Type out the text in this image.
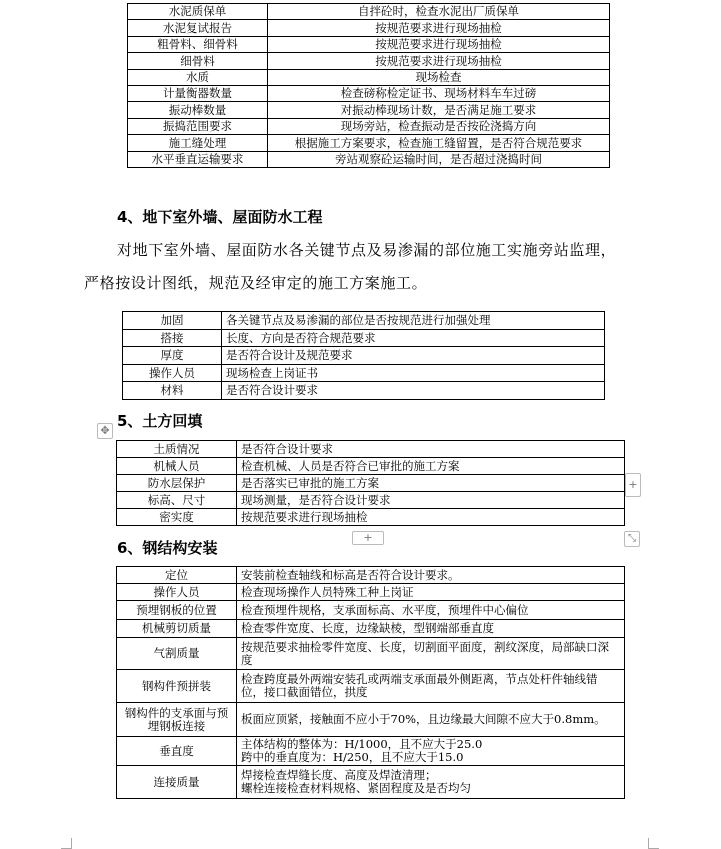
水泥质保单	自拌砼时，检查水泥出厂质保单
水泥复试报告	按规范要求进行现场抽检
粗骨料、细骨料	按规范要求进行现场抽检
细骨料	按规范要求进行现场抽检
水质	现场检查
计量衡器数量	检查磅称检定证书、现场材料车车过磅
振动棒数量	对振动棒现场计数，是否满足施工要求
振捣范围要求	现场旁站，检查振动是否按砼浇捣方向
施工缝处理	根据施工方案要求，检查施工缝留置，是否符合规范要求
水平垂直运输要求	旁站观察砼运输时间，是否超过浇捣时间
4、地下室外墙、屋面防水工程
对地下室外墙、屋面防水各关键节点及易渗漏的部位施工实施旁站监理，
严格按设计图纸，规范及经审定的施工方案施工。
加固	各关键节点及易渗漏的部位是否按规范进行加强处理
搭接	长度、方向是否符合规范要求
厚度	是否符合设计及规范要求
操作人员	现场检查上岗证书
材料	是否符合设计要求
5、土方回填
✥
土质情况	是否符合设计要求
机械人员	检查机械、人员是否符合已审批的施工方案
防水层保护	是否落实已审批的施工方案
标高、尺寸	现场测量，是否符合设计要求
密实度	按规范要求进行现场抽检
+
+	⤡
6、钢结构安装
定位	安装前检查轴线和标高是否符合设计要求。
操作人员	检查现场操作人员特殊工种上岗证
预埋钢板的位置	检查预埋件规格，支承面标高、水平度，预埋件中心偏位
机械剪切质量	检查零件宽度、长度，边缘缺棱，型钢端部垂直度
气割质量	按规范要求抽检零件宽度、长度，切割面平面度，割纹深度，局部缺口深度
钢构件预拼装	检查跨度最外两端安装孔或两端支承面最外侧距离，节点处杆件轴线错位，接口截面错位，拱度
钢构件的支承面与预埋钢板连接	板面应顶紧，接触面不应小于70%，且边缘最大间隙不应大于0.8mm。
垂直度	主体结构的整体为：H/1000，且不应大于25.0
跨中的垂直度为：H/250，且不应大于15.0
连接质量	焊接检查焊缝长度、高度及焊渣清理；
螺栓连接检查材料规格、紧固程度及是否均匀
